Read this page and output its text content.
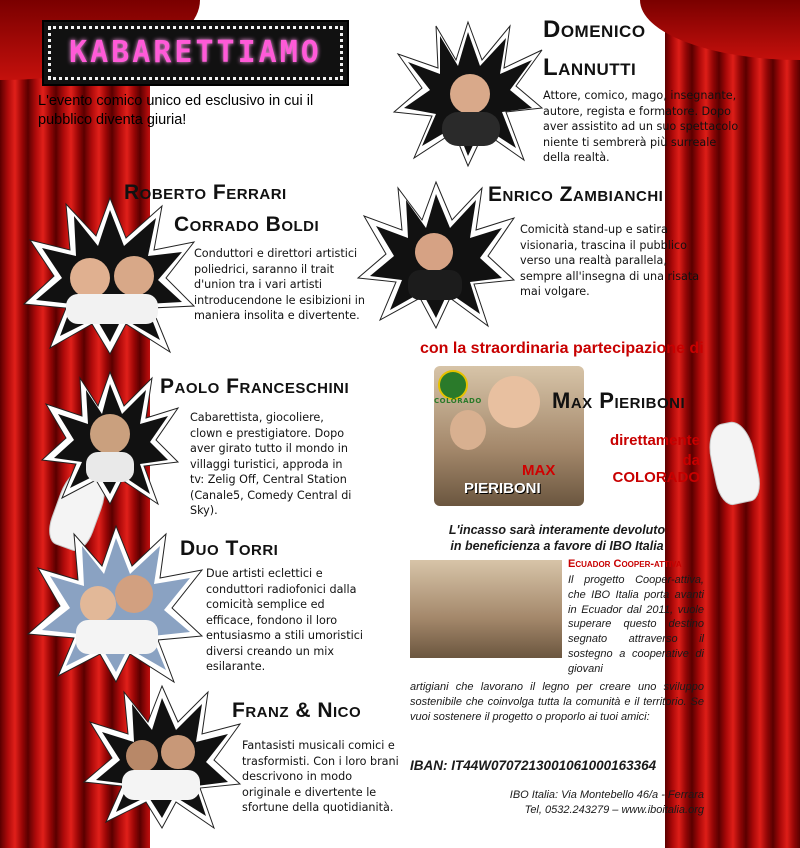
KABARETTIAMO
L'evento comico unico ed esclusivo in cui il pubblico diventa giuria!
Domenico
Lannutti
Attore, comico, mago, insegnante, autore, regista e formatore. Dopo aver assistito ad un suo spettacolo niente ti sembrerà più surreale della realtà.
Roberto Ferrari
Corrado Boldi
Conduttori e direttori artistici poliedrici, saranno il trait d'union tra i vari artisti introducendone le esibizioni in maniera insolita e divertente.
Enrico Zambianchi
Comicità stand-up e satira visionaria, trascina il pubblico verso una realtà parallela, sempre all'insegna di una risata mai volgare.
con la straordinaria partecipazione di
COLORADO
MAX
PIERIBONI
Max Pieriboni
direttamente
da COLORADO
Paolo Franceschini
Cabarettista, giocoliere, clown e prestigiatore. Dopo aver girato tutto il mondo in villaggi turistici, approda in tv: Zelig Off, Central Station (Canale5, Comedy Central di Sky).
Duo Torri
Due artisti eclettici e conduttori radiofonici dalla comicità semplice ed efficace, fondono il loro entusiasmo a stili umoristici diversi creando un mix esilarante.
Franz & Nico
Fantasisti musicali comici e trasformisti. Con i loro brani descrivono in modo originale e divertente le sfortune della quotidianità.
L'incasso sarà interamente devoluto
in beneficienza a favore di IBO Italia
Ecuador Cooper-attiva
Il progetto Cooper-attiva, che IBO Italia porta avanti in Ecuador dal 2011, vuole superare questo destino segnato attraverso il sostegno a cooperative di giovani
artigiani che lavorano il legno per creare uno sviluppo sostenibile che coinvolga tutta la comunità e il territorio. Se vuoi sostenere il progetto o proporlo ai tuoi amici:
IBAN: IT44W0707213001061000163364
IBO Italia: Via Montebello 46/a - Ferrara
Tel, 0532.243279 – www.iboitalia.org
